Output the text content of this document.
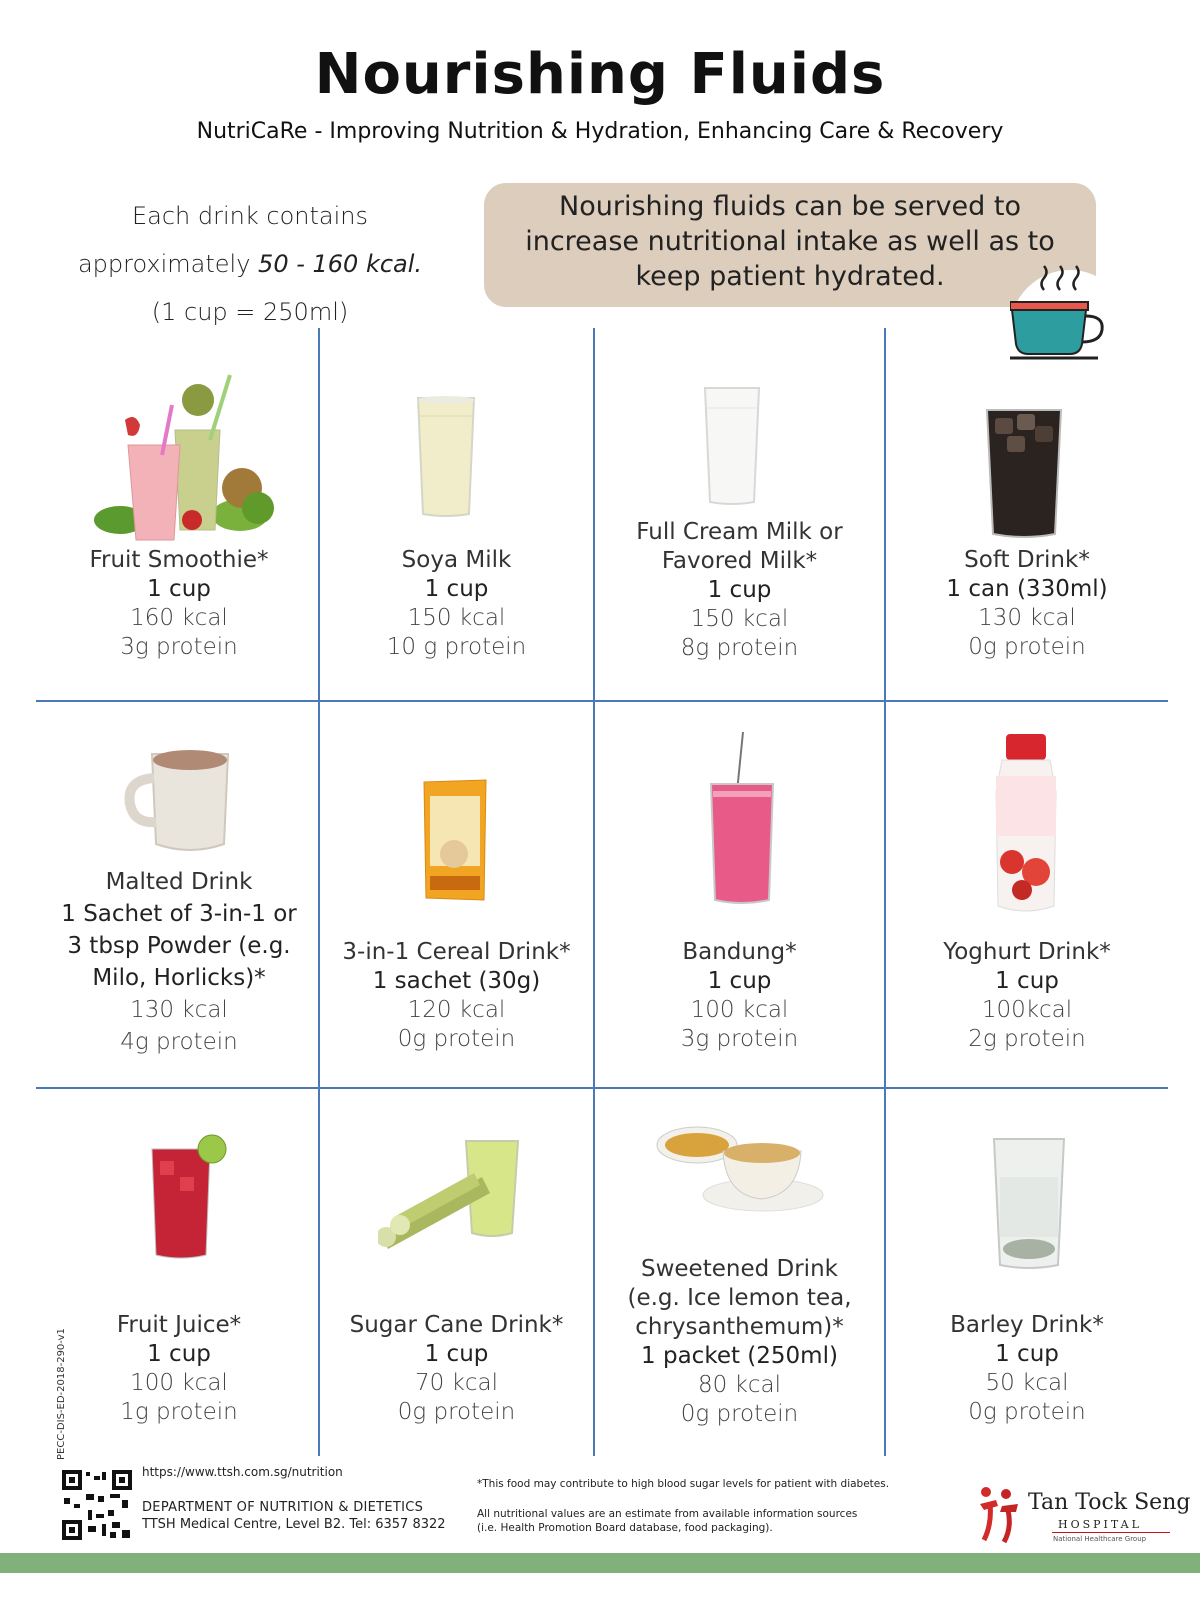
Nourishing Fluids
NutriCaRe - Improving Nutrition & Hydration, Enhancing Care & Recovery
Each drink contains
approximately 50 - 160 kcal.
(1 cup = 250ml)
Nourishing fluids can be served to increase nutritional intake as well as to keep patient hydrated.
Fruit Smoothie*
1 cup
160 kcal
3g protein
Soya Milk
1 cup
150 kcal
10 g protein
Full Cream Milk or
Favored Milk*
1 cup
150 kcal
8g protein
Soft Drink*
1 can (330ml)
130 kcal
0g protein
Malted Drink
1 Sachet of 3-in-1 or
3 tbsp Powder (e.g.
Milo, Horlicks)*
130 kcal
4g protein
3-in-1 Cereal Drink*
1 sachet (30g)
120 kcal
0g protein
Bandung*
1 cup
100 kcal
3g protein
Yoghurt Drink*
1 cup
100kcal
2g protein
Fruit Juice*
1 cup
100 kcal
1g protein
Sugar Cane Drink*
1 cup
70 kcal
0g protein
Sweetened Drink
(e.g. Ice lemon tea,
chrysanthemum)*
1 packet (250ml)
80 kcal
0g protein
Barley Drink*
1 cup
50 kcal
0g protein
PECC-DIS-ED-2018-290-v1
https://www.ttsh.com.sg/nutrition
DEPARTMENT OF NUTRITION & DIETETICS
TTSH Medical Centre, Level B2. Tel: 6357 8322
*This food may contribute to high blood sugar levels for patient with diabetes.
All nutritional values are an estimate from available information sources
(i.e. Health Promotion Board database, food packaging).
Tan Tock Seng
HOSPITAL
National Healthcare Group
